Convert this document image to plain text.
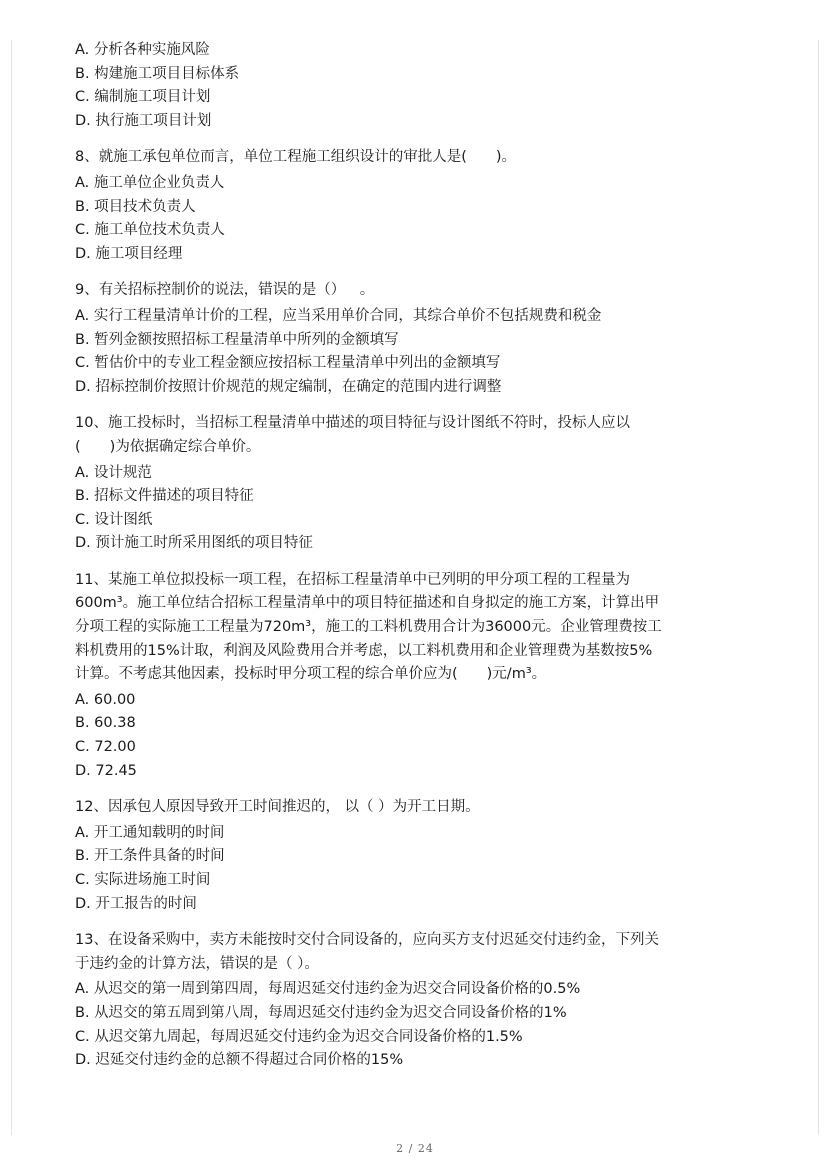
A. 分析各种实施风险

B. 构建施工项目目标体系

C. 编制施工项目计划

D. 执行施工项目计划

8、就施工承包单位而言，单位工程施工组织设计的审批人是(  )。

A. 施工单位企业负责人

B. 项目技术负责人

C. 施工单位技术负责人

D. 施工项目经理

9、有关招标控制价的说法，错误的是（） 。

A. 实行工程量清单计价的工程，应当采用单价合同，其综合单价不包括规费和税金

B. 暂列金额按照招标工程量清单中所列的金额填写

C. 暂估价中的专业工程金额应按招标工程量清单中列出的金额填写

D. 招标控制价按照计价规范的规定编制，在确定的范围内进行调整

10、施工投标时，当招标工程量清单中描述的项目特征与设计图纸不符时，投标人应以
(  )为依据确定综合单价。

A. 设计规范

B. 招标文件描述的项目特征

C. 设计图纸

D. 预计施工时所采用图纸的项目特征

11、某施工单位拟投标一项工程，在招标工程量清单中已列明的甲分项工程的工程量为
600m³。施工单位结合招标工程量清单中的项目特征描述和自身拟定的施工方案，计算出甲
分项工程的实际施工工程量为720m³，施工的工料机费用合计为36000元。企业管理费按工
料机费用的15%计取，利润及风险费用合并考虑，以工料机费用和企业管理费为基数按5%
计算。不考虑其他因素，投标时甲分项工程的综合单价应为(  )元/m³。

A. 60.00

B. 60.38

C. 72.00

D. 72.45

12、因承包人原因导致开工时间推迟的， 以（ ）为开工日期。

A. 开工通知载明的时间

B. 开工条件具备的时间

C. 实际进场施工时间

D. 开工报告的时间

13、在设备采购中，卖方未能按时交付合同设备的，应向买方支付迟延交付违约金，下列关
于违约金的计算方法，错误的是（ ）。

A. 从迟交的第一周到第四周，每周迟延交付违约金为迟交合同设备价格的0.5%

B. 从迟交的第五周到第八周，每周迟延交付违约金为迟交合同设备价格的1%

C. 从迟交第九周起，每周迟延交付违约金为迟交合同设备价格的1.5%

D. 迟延交付违约金的总额不得超过合同价格的15%

2 / 24
